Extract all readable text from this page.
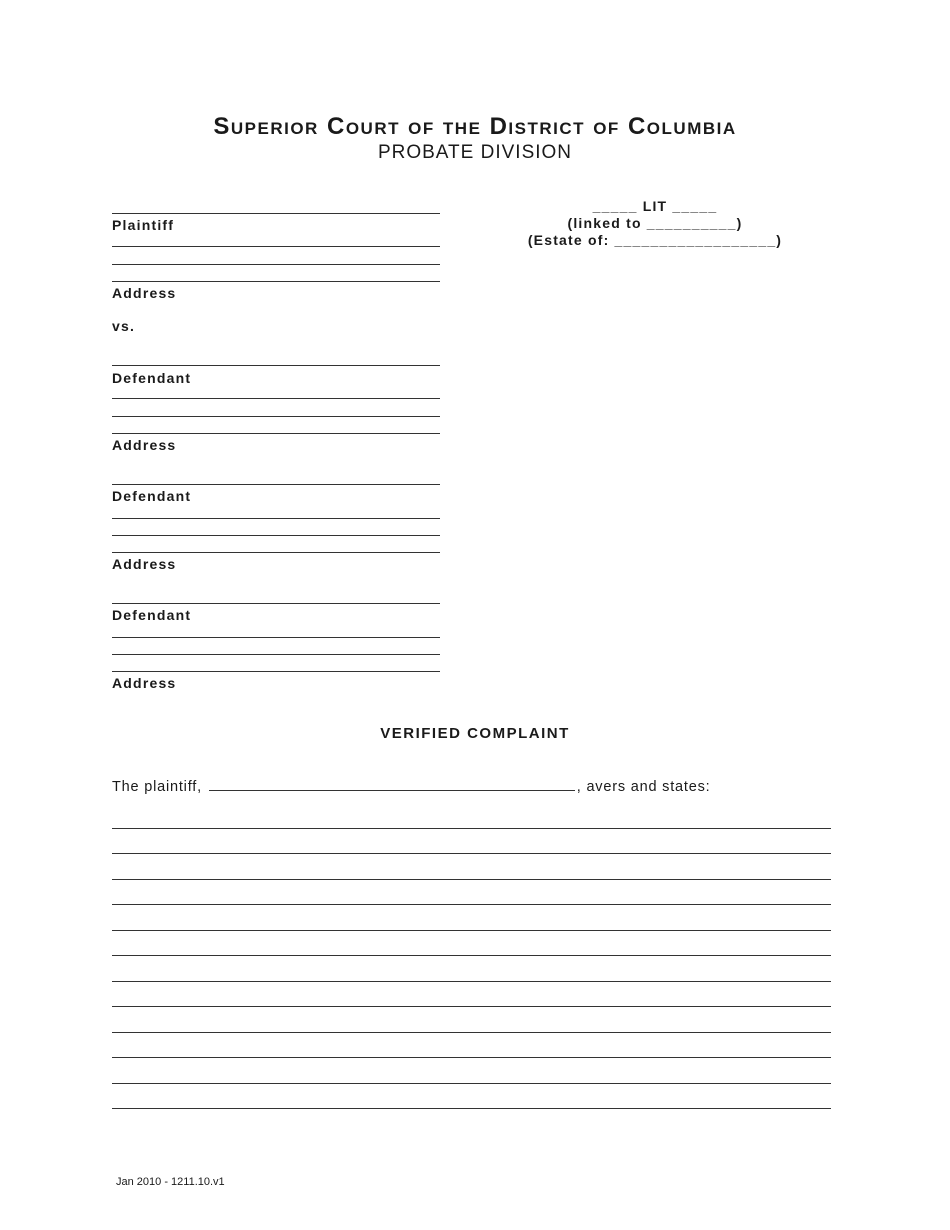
Superior Court of the District of Columbia
PROBATE DIVISION
Plaintiff
Address
vs.
Defendant
Address
Defendant
Address
Defendant
Address
_____ LIT _____
(linked to __________)
(Estate of: __________________)
VERIFIED COMPLAINT
The plaintiff,	, avers and states:
Jan 2010 - 1211.10.v1
